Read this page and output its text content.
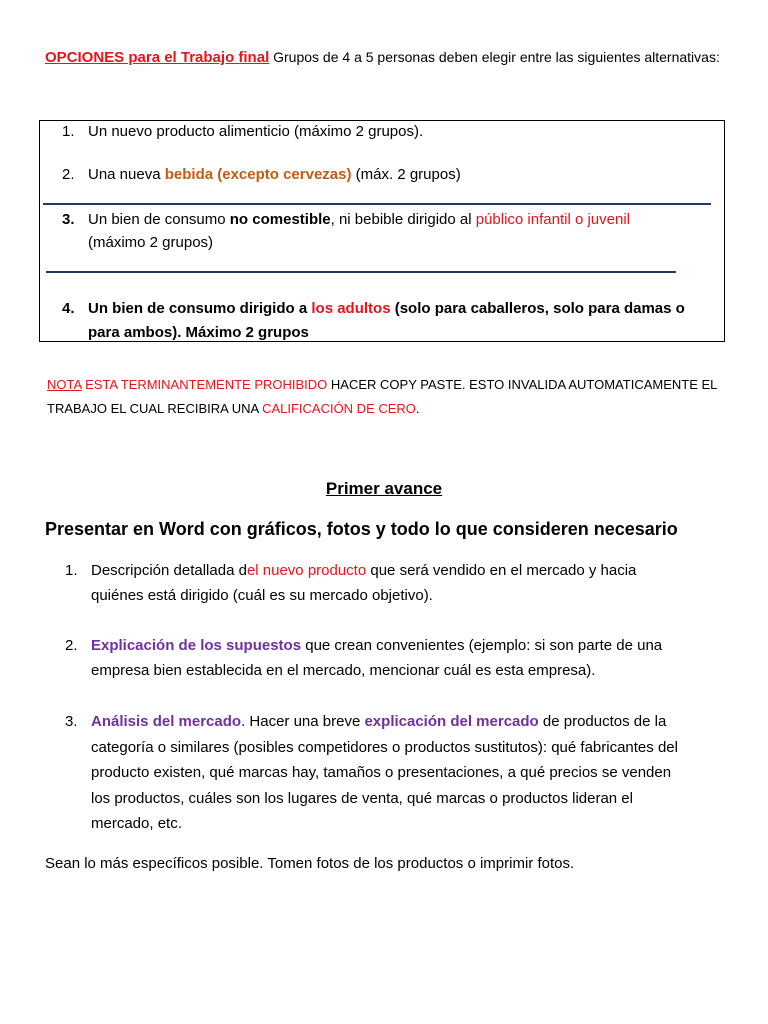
OPCIONES para el Trabajo final Grupos de 4 a 5 personas deben elegir entre las siguientes alternativas:
1. Un nuevo producto alimenticio (máximo 2 grupos).
2. Una nueva bebida (excepto cervezas) (máx. 2 grupos)
3. Un bien de consumo no comestible, ni bebible dirigido al público infantil o juvenil
(máximo 2 grupos)
4. Un bien de consumo dirigido a los adultos (solo para caballeros, solo para damas o
para ambos). Máximo 2 grupos
NOTA ESTA TERMINANTEMENTE PROHIBIDO HACER COPY PASTE. ESTO INVALIDA AUTOMATICAMENTE EL
TRABAJO EL CUAL RECIBIRA UNA CALIFICACIÓN DE CERO.
Primer avance
Presentar en Word con gráficos, fotos y todo lo que consideren necesario
1. Descripción detallada del nuevo producto que será vendido en el mercado y hacia
quiénes está dirigido (cuál es su mercado objetivo).
2. Explicación de los supuestos que crean convenientes (ejemplo: si son parte de una
empresa bien establecida en el mercado, mencionar cuál es esta empresa).
3. Análisis del mercado. Hacer una breve explicación del mercado de productos de la
categoría o similares (posibles competidores o productos sustitutos): qué fabricantes del
producto existen, qué marcas hay, tamaños o presentaciones, a qué precios se venden
los productos, cuáles son los lugares de venta, qué marcas o productos lideran el
mercado, etc.
Sean lo más específicos posible. Tomen fotos de los productos o imprimir fotos.
